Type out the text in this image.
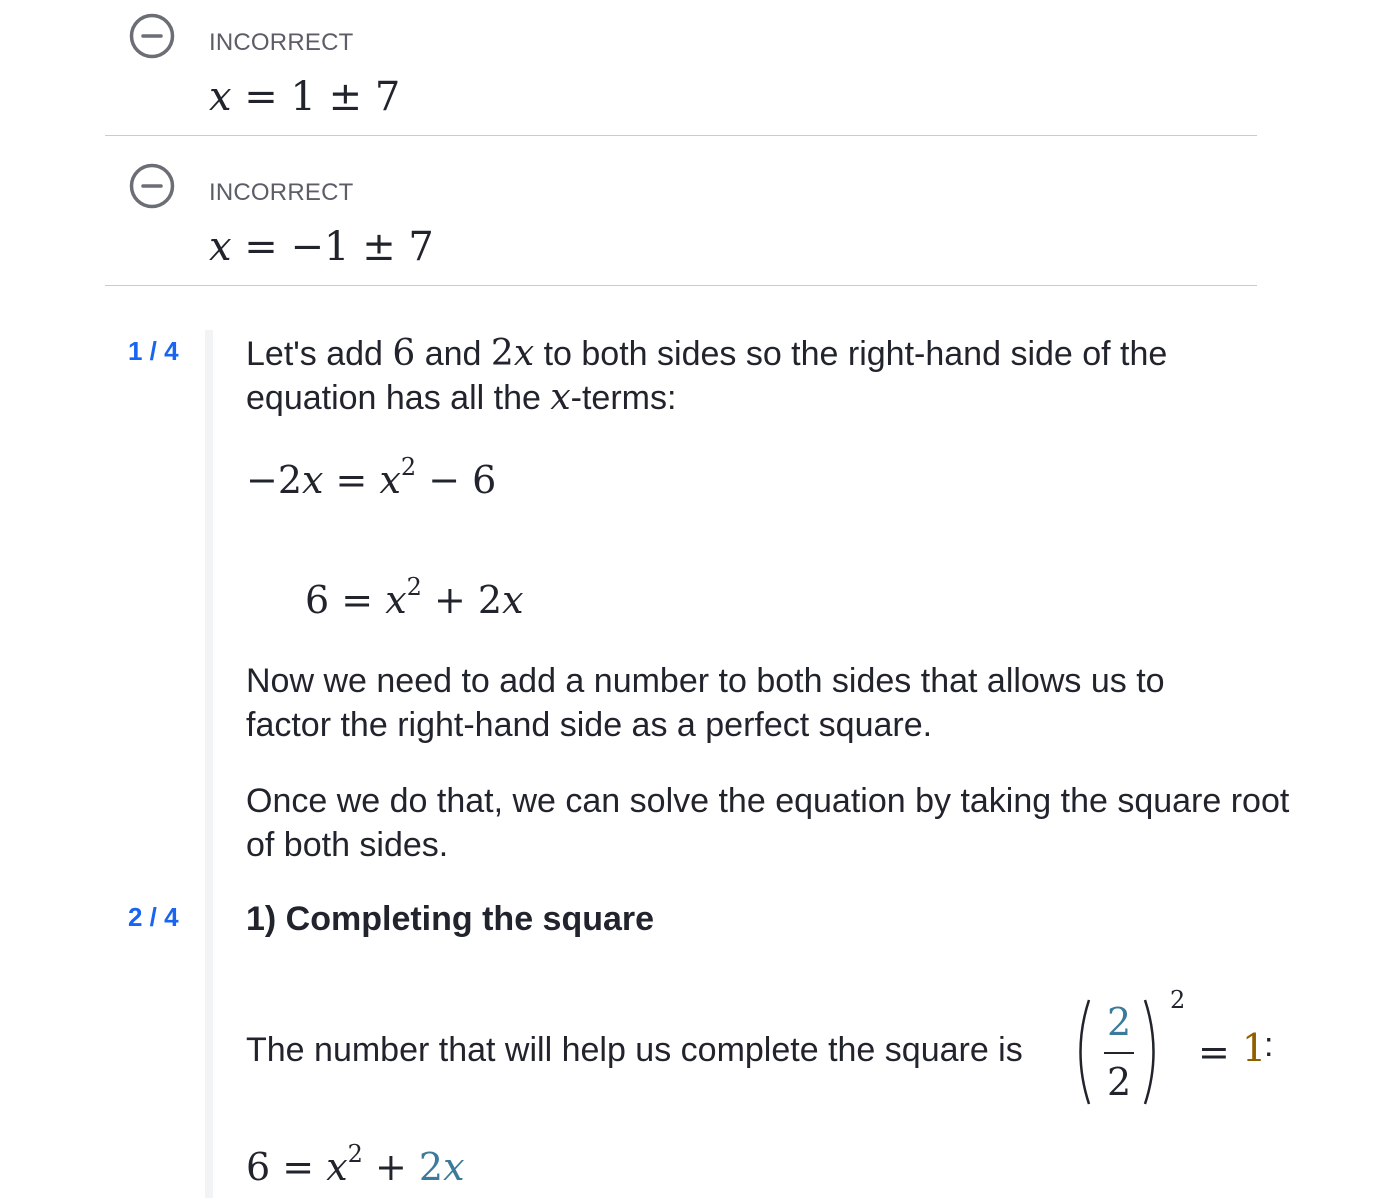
INCORRECT
x = 1 ± 7
INCORRECT
x = −1 ± 7
1 / 4 Let's add 6 and 2x to both sides so the right-hand side of the equation has all the x-terms:
$-2x = x^2 - 6$
$6 = x^2 + 2x$
Now we need to add a number to both sides that allows us to factor the right-hand side as a perfect square.
Once we do that, we can solve the equation by taking the square root of both sides.
2 / 4 1) Completing the square
The number that will help us complete the square is
2
2
2
= 1
:
$6 = x^2 + 2x$
